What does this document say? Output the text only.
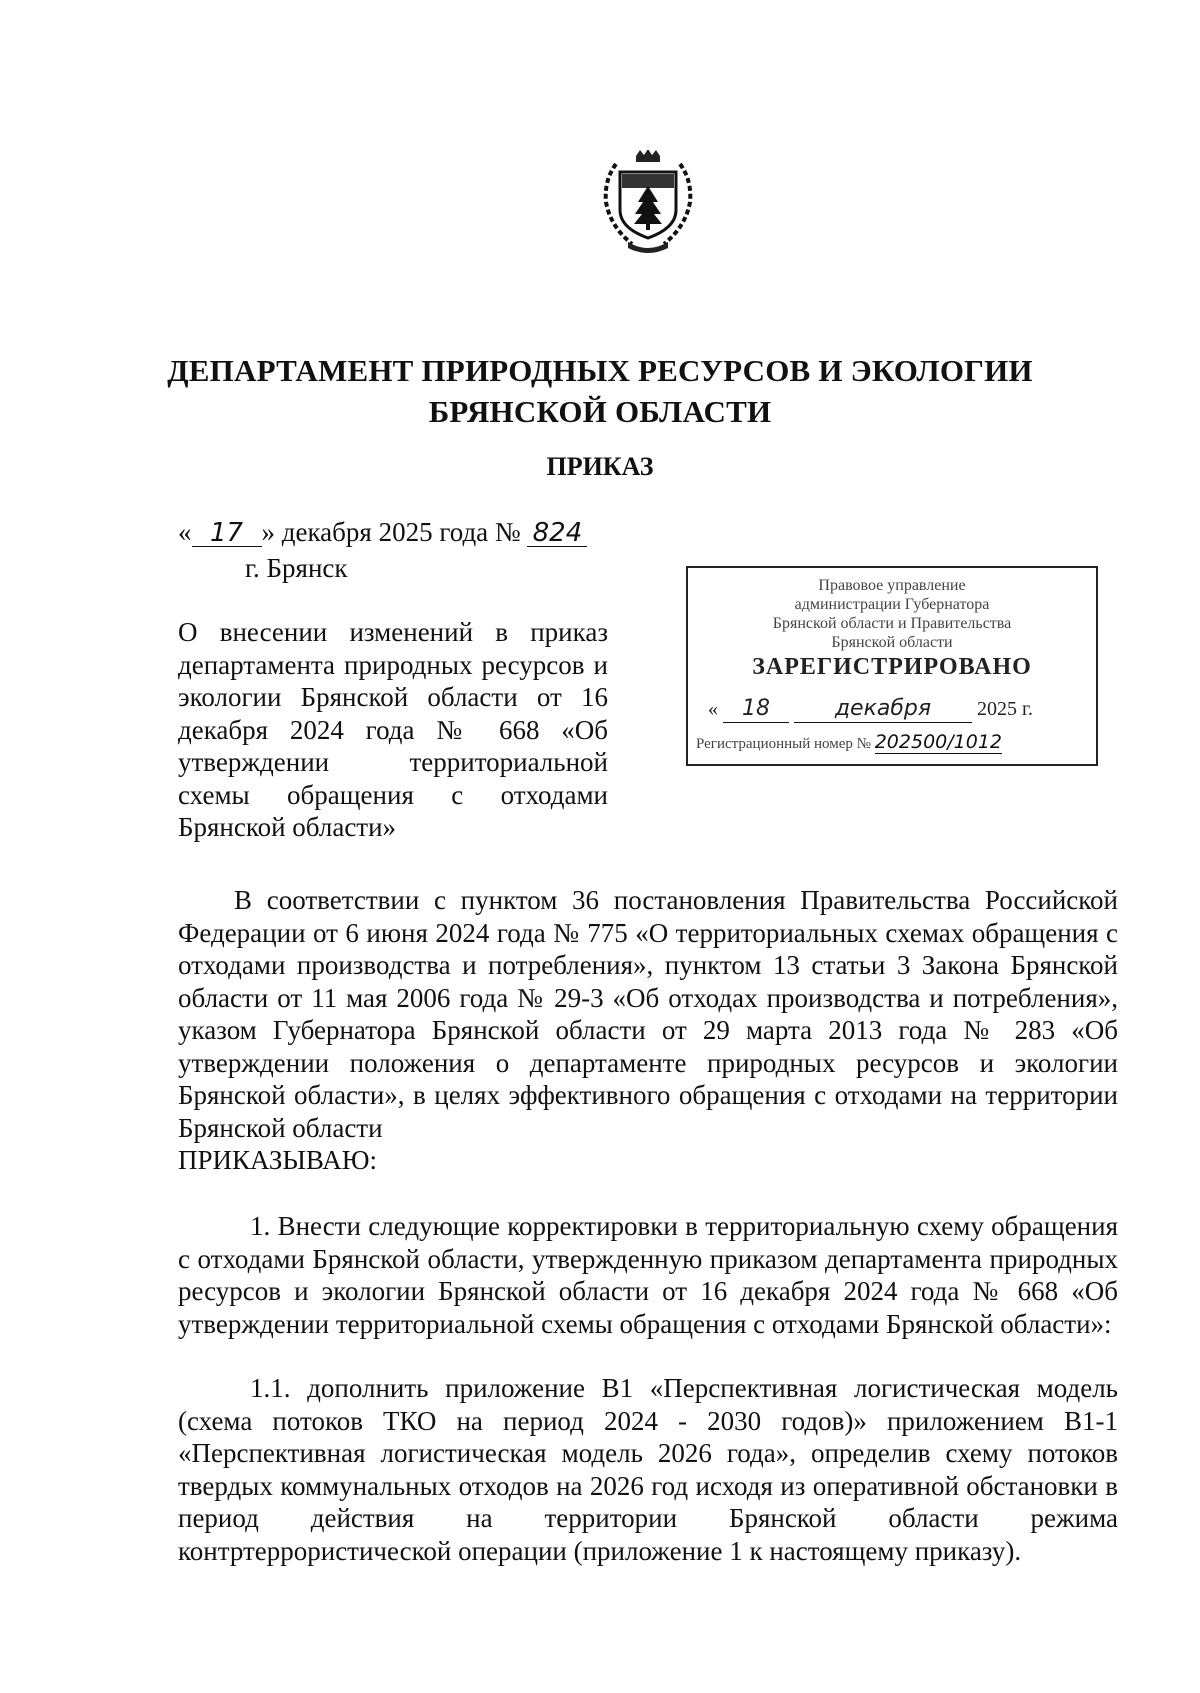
ДЕПАРТАМЕНТ ПРИРОДНЫХ РЕСУРСОВ И ЭКОЛОГИИ
БРЯНСКОЙ ОБЛАСТИ
ПРИКАЗ
« 17 » декабря 2025 года № 824
г. Брянск
О внесении изменений в приказ департамента природных ресурсов и экологии Брянской области от 16 декабря 2024 года № 668 «Об утверждении территориальной схемы обращения с отходами Брянской области»
Правовое управление
администрации Губернатора
Брянской области и Правительства
Брянской области
ЗАРЕГИСТРИРОВАНО
« 18	декабря 2025 г.
Регистрационный номер № 202500/1012
В соответствии с пунктом 36 постановления Правительства Российской Федерации от 6 июня 2024 года № 775 «О территориальных схемах обращения с отходами производства и потребления», пунктом 13 статьи 3 Закона Брянской области от 11 мая 2006 года № 29-3 «Об отходах производства и потребления», указом Губернатора Брянской области от 29 марта 2013 года № 283 «Об утверждении положения о департаменте природных ресурсов и экологии Брянской области», в целях эффективного обращения с отходами на территории Брянской области
ПРИКАЗЫВАЮ:
1. Внести следующие корректировки в территориальную схему обращения с отходами Брянской области, утвержденную приказом департамента природных ресурсов и экологии Брянской области от 16 декабря 2024 года № 668 «Об утверждении территориальной схемы обращения с отходами Брянской области»:
1.1. дополнить приложение В1 «Перспективная логистическая модель (схема потоков ТКО на период 2024 - 2030 годов)» приложением В1-1 «Перспективная логистическая модель 2026 года», определив схему потоков твердых коммунальных отходов на 2026 год исходя из оперативной обстановки в период действия на территории Брянской области режима контртеррористической операции (приложение 1 к настоящему приказу).
